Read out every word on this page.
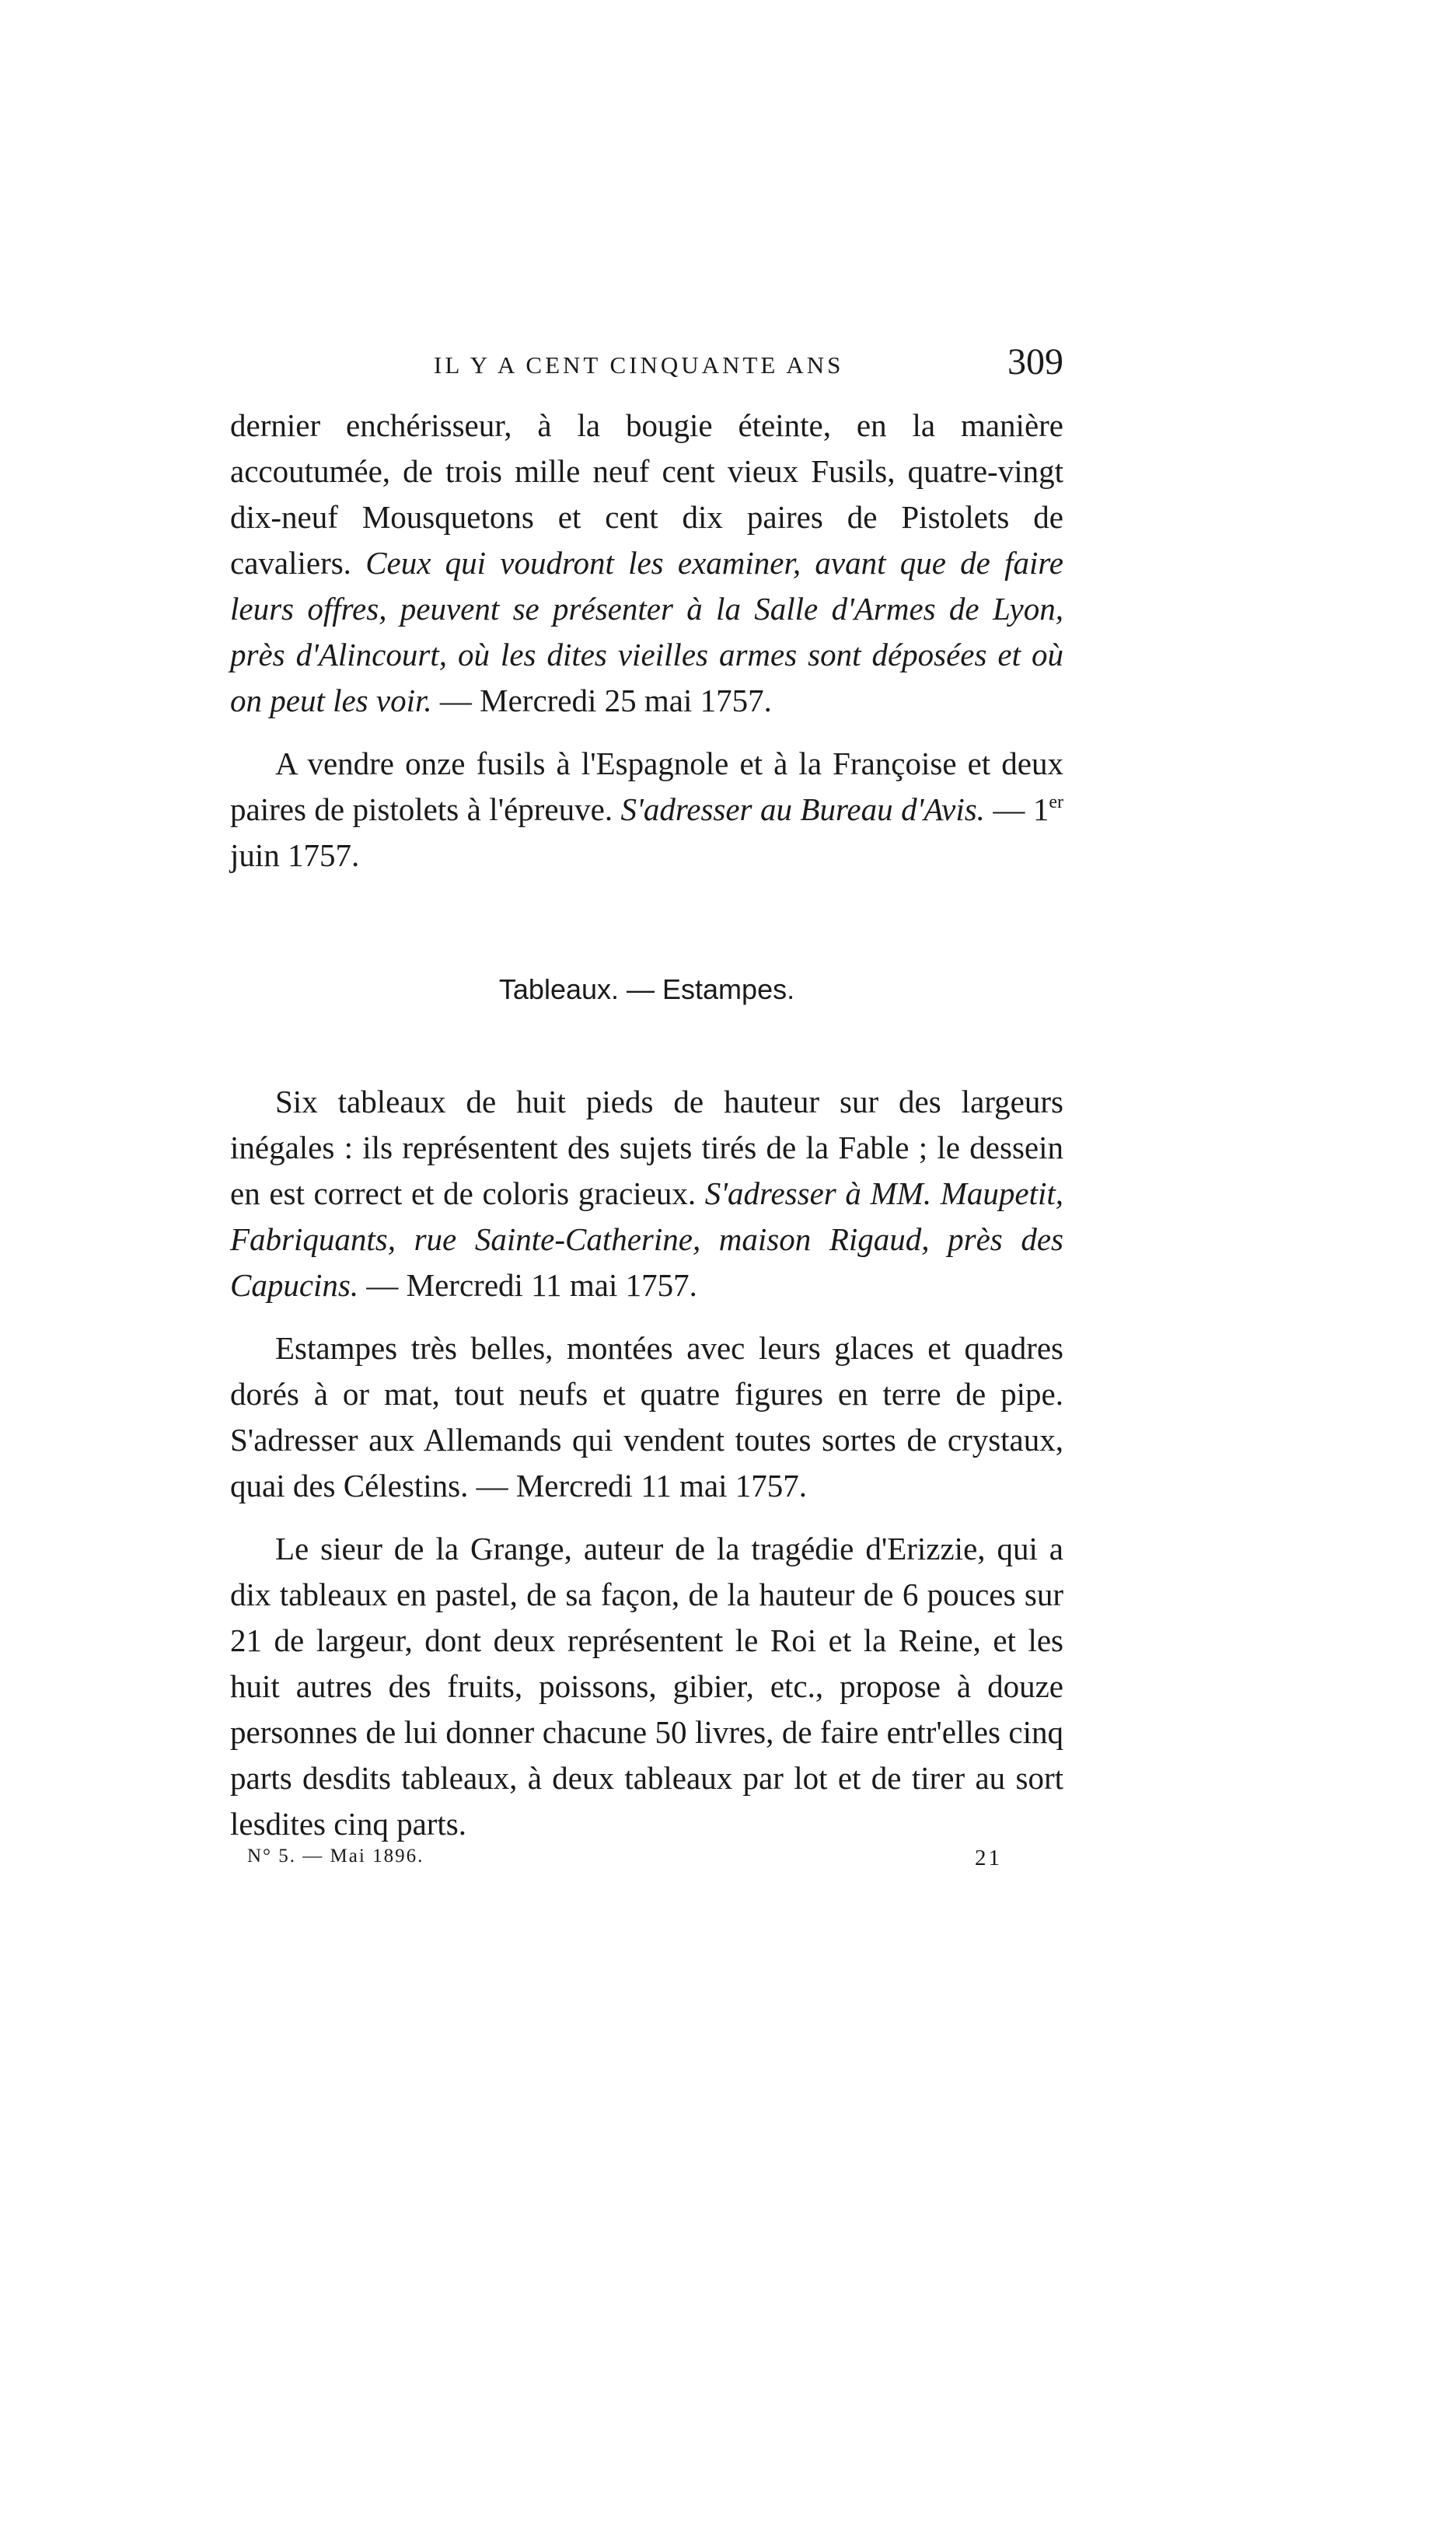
IL Y A CENT CINQUANTE ANS	309

dernier enchérisseur, à la bougie éteinte, en la manière accoutumée, de trois mille neuf cent vieux Fusils, quatre-vingt dix-neuf Mousquetons et cent dix paires de Pistolets de cavaliers. Ceux qui voudront les examiner, avant que de faire leurs offres, peuvent se présenter à la Salle d'Armes de Lyon, près d'Alincourt, où les dites vieilles armes sont déposées et où on peut les voir. — Mercredi 25 mai 1757.

A vendre onze fusils à l'Espagnole et à la Françoise et deux paires de pistolets à l'épreuve. S'adresser au Bureau d'Avis. — 1er juin 1757.

Tableaux. — Estampes.

Six tableaux de huit pieds de hauteur sur des largeurs inégales : ils représentent des sujets tirés de la Fable ; le dessein en est correct et de coloris gracieux. S'adresser à MM. Maupetit, Fabriquants, rue Sainte-Catherine, maison Rigaud, près des Capucins. — Mercredi 11 mai 1757.

Estampes très belles, montées avec leurs glaces et quadres dorés à or mat, tout neufs et quatre figures en terre de pipe. S'adresser aux Allemands qui vendent toutes sortes de crystaux, quai des Célestins. — Mercredi 11 mai 1757.

Le sieur de la Grange, auteur de la tragédie d'Erizzie, qui a dix tableaux en pastel, de sa façon, de la hauteur de 6 pouces sur 21 de largeur, dont deux représentent le Roi et la Reine, et les huit autres des fruits, poissons, gibier, etc., propose à douze personnes de lui donner chacune 50 livres, de faire entr'elles cinq parts desdits tableaux, à deux tableaux par lot et de tirer au sort lesdites cinq parts.

N° 5. — Mai 1896.	21
